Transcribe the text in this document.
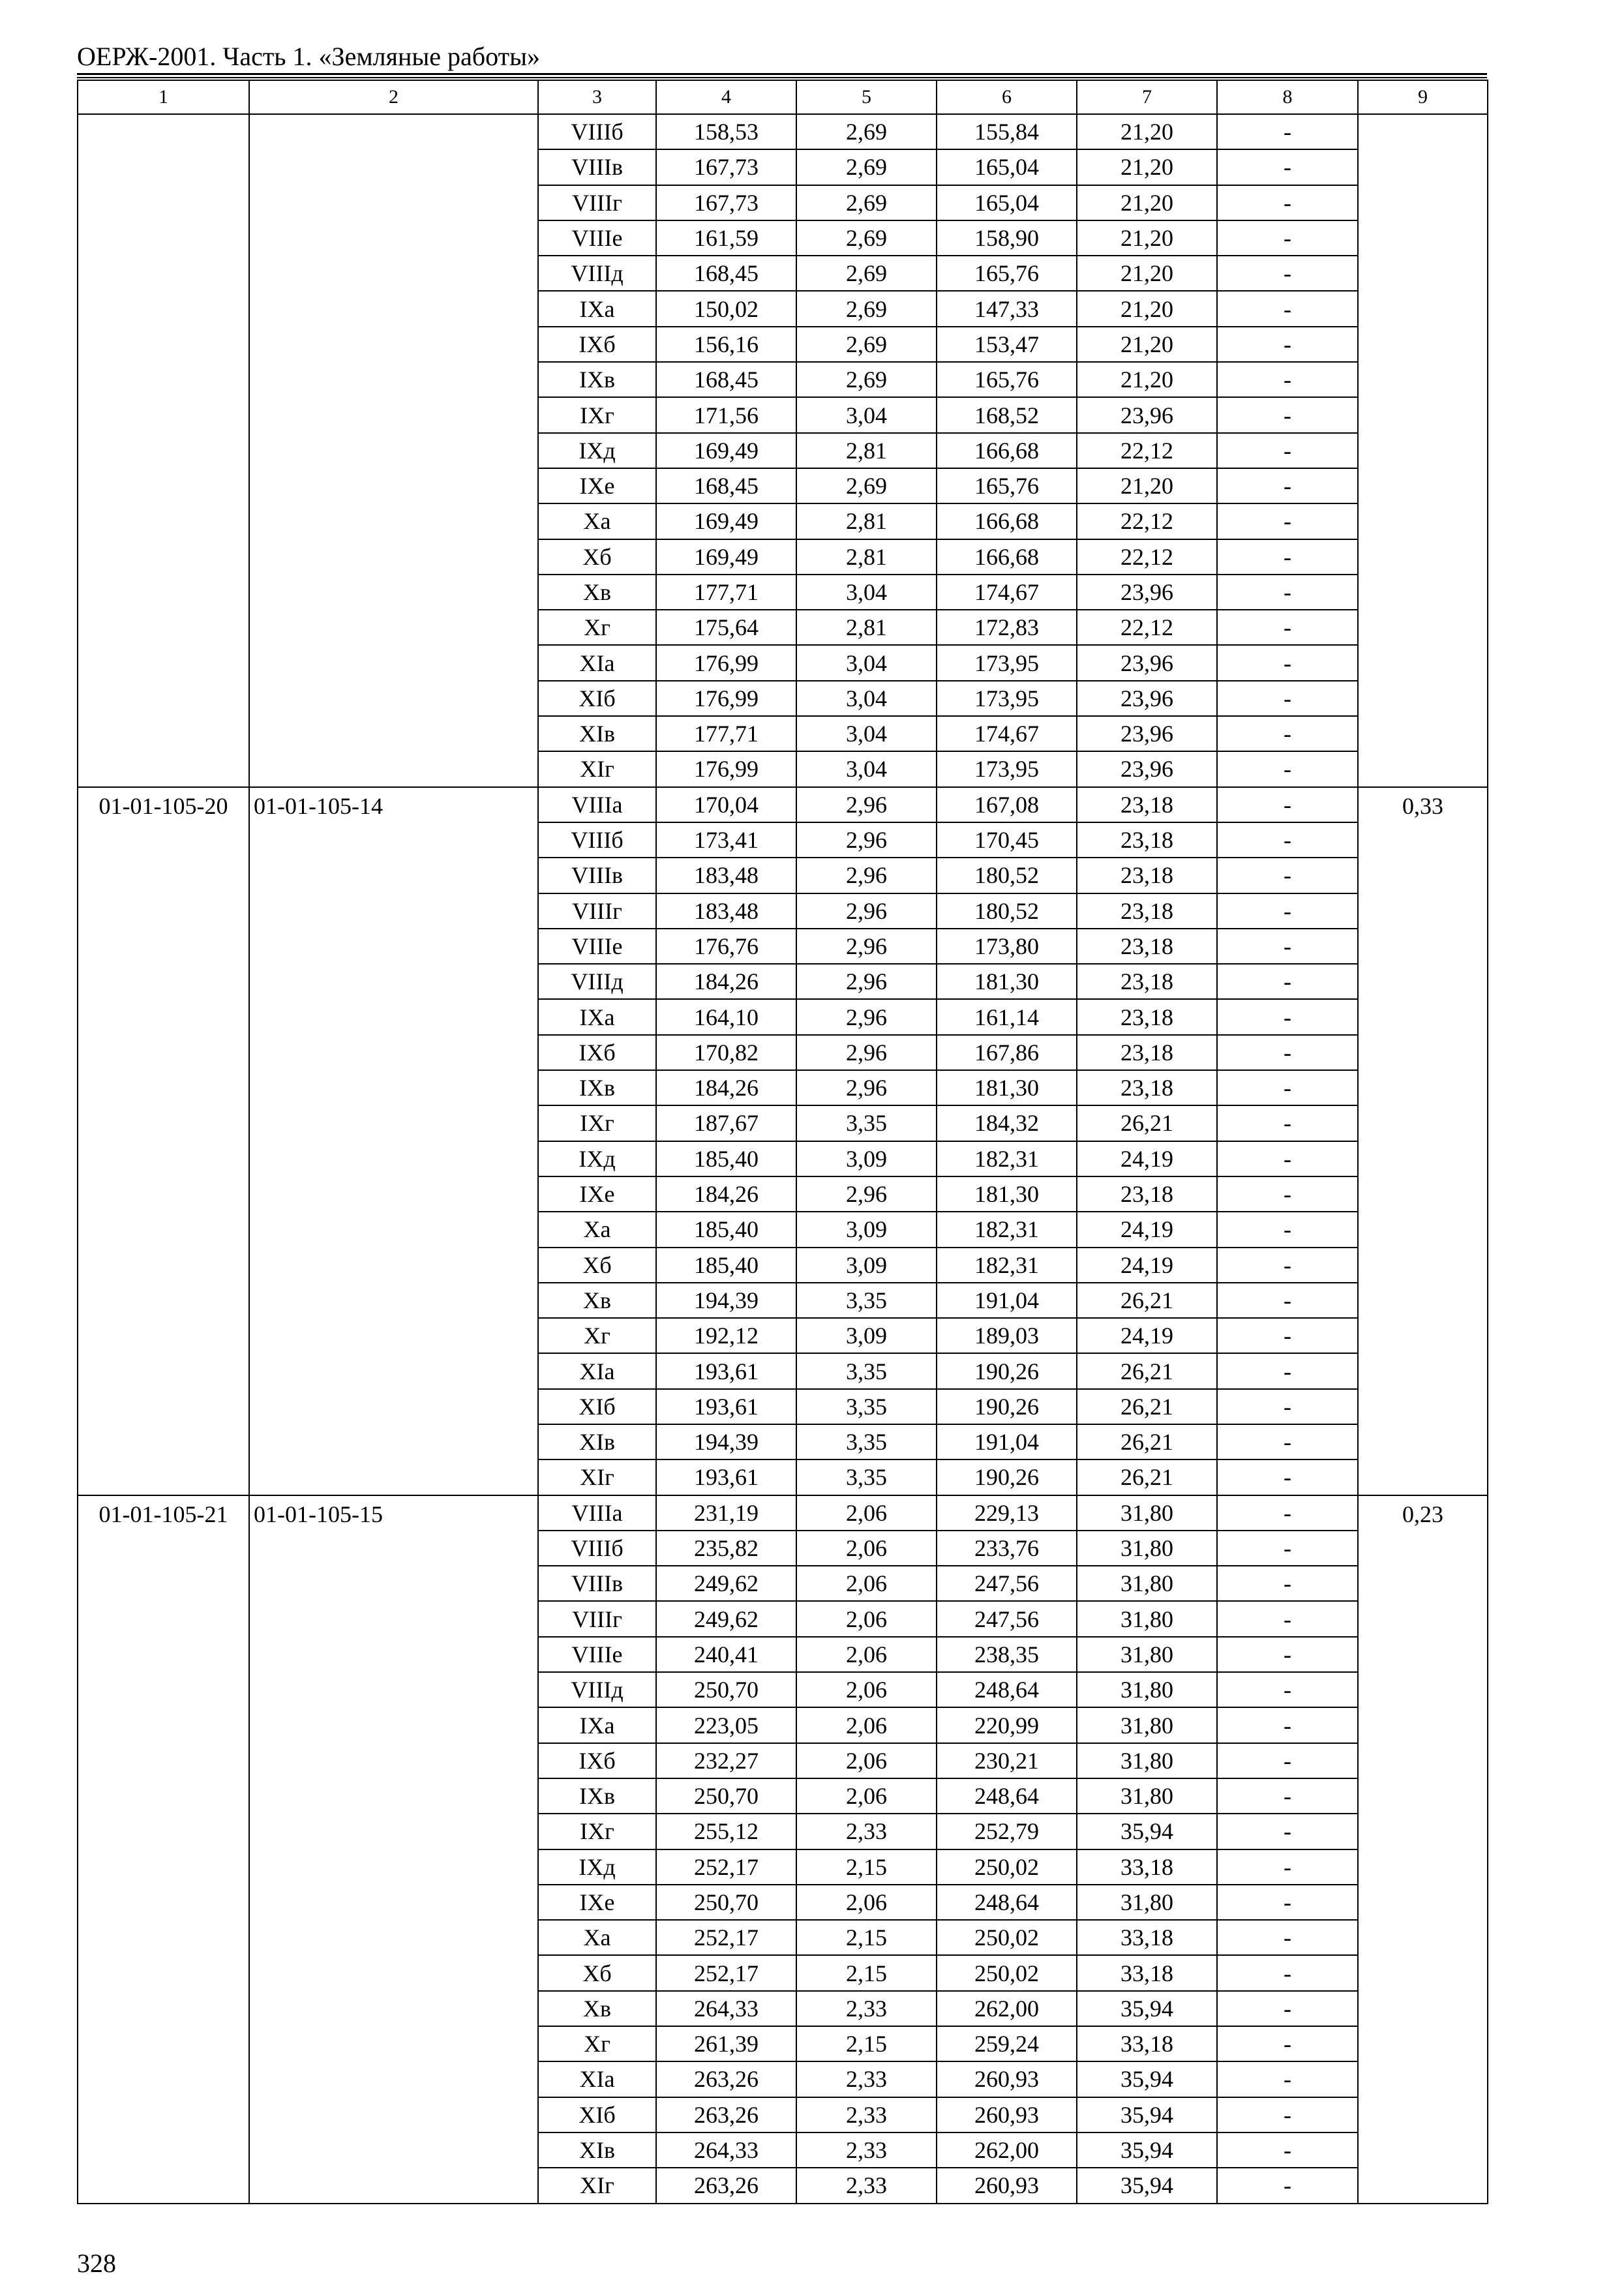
ОЕРЖ-2001. Часть 1. «Земляные работы»
1	2	3	4	5	6	7	8	9
		VIIIб	158,53	2,69	155,84	21,20	-	
		VIIIв	167,73	2,69	165,04	21,20	-	
		VIIIг	167,73	2,69	165,04	21,20	-	
		VIIIе	161,59	2,69	158,90	21,20	-	
		VIIIд	168,45	2,69	165,76	21,20	-	
		IXа	150,02	2,69	147,33	21,20	-	
		IXб	156,16	2,69	153,47	21,20	-	
		IXв	168,45	2,69	165,76	21,20	-	
		IXг	171,56	3,04	168,52	23,96	-	
		IXд	169,49	2,81	166,68	22,12	-	
		IXе	168,45	2,69	165,76	21,20	-	
		Xа	169,49	2,81	166,68	22,12	-	
		Xб	169,49	2,81	166,68	22,12	-	
		Xв	177,71	3,04	174,67	23,96	-	
		Xг	175,64	2,81	172,83	22,12	-	
		XIа	176,99	3,04	173,95	23,96	-	
		XIб	176,99	3,04	173,95	23,96	-	
		XIв	177,71	3,04	174,67	23,96	-	
		XIг	176,99	3,04	173,95	23,96	-	
01-01-105-20	01-01-105-14	VIIIа	170,04	2,96	167,08	23,18	-	0,33
		VIIIб	173,41	2,96	170,45	23,18	-	
		VIIIв	183,48	2,96	180,52	23,18	-	
		VIIIг	183,48	2,96	180,52	23,18	-	
		VIIIе	176,76	2,96	173,80	23,18	-	
		VIIIд	184,26	2,96	181,30	23,18	-	
		IXа	164,10	2,96	161,14	23,18	-	
		IXб	170,82	2,96	167,86	23,18	-	
		IXв	184,26	2,96	181,30	23,18	-	
		IXг	187,67	3,35	184,32	26,21	-	
		IXд	185,40	3,09	182,31	24,19	-	
		IXе	184,26	2,96	181,30	23,18	-	
		Xа	185,40	3,09	182,31	24,19	-	
		Xб	185,40	3,09	182,31	24,19	-	
		Xв	194,39	3,35	191,04	26,21	-	
		Xг	192,12	3,09	189,03	24,19	-	
		XIа	193,61	3,35	190,26	26,21	-	
		XIб	193,61	3,35	190,26	26,21	-	
		XIв	194,39	3,35	191,04	26,21	-	
		XIг	193,61	3,35	190,26	26,21	-	
01-01-105-21	01-01-105-15	VIIIа	231,19	2,06	229,13	31,80	-	0,23
		VIIIб	235,82	2,06	233,76	31,80	-	
		VIIIв	249,62	2,06	247,56	31,80	-	
		VIIIг	249,62	2,06	247,56	31,80	-	
		VIIIе	240,41	2,06	238,35	31,80	-	
		VIIIд	250,70	2,06	248,64	31,80	-	
		IXа	223,05	2,06	220,99	31,80	-	
		IXб	232,27	2,06	230,21	31,80	-	
		IXв	250,70	2,06	248,64	31,80	-	
		IXг	255,12	2,33	252,79	35,94	-	
		IXд	252,17	2,15	250,02	33,18	-	
		IXе	250,70	2,06	248,64	31,80	-	
		Xа	252,17	2,15	250,02	33,18	-	
		Xб	252,17	2,15	250,02	33,18	-	
		Xв	264,33	2,33	262,00	35,94	-	
		Xг	261,39	2,15	259,24	33,18	-	
		XIа	263,26	2,33	260,93	35,94	-	
		XIб	263,26	2,33	260,93	35,94	-	
		XIв	264,33	2,33	262,00	35,94	-	
		XIг	263,26	2,33	260,93	35,94	-	
328
